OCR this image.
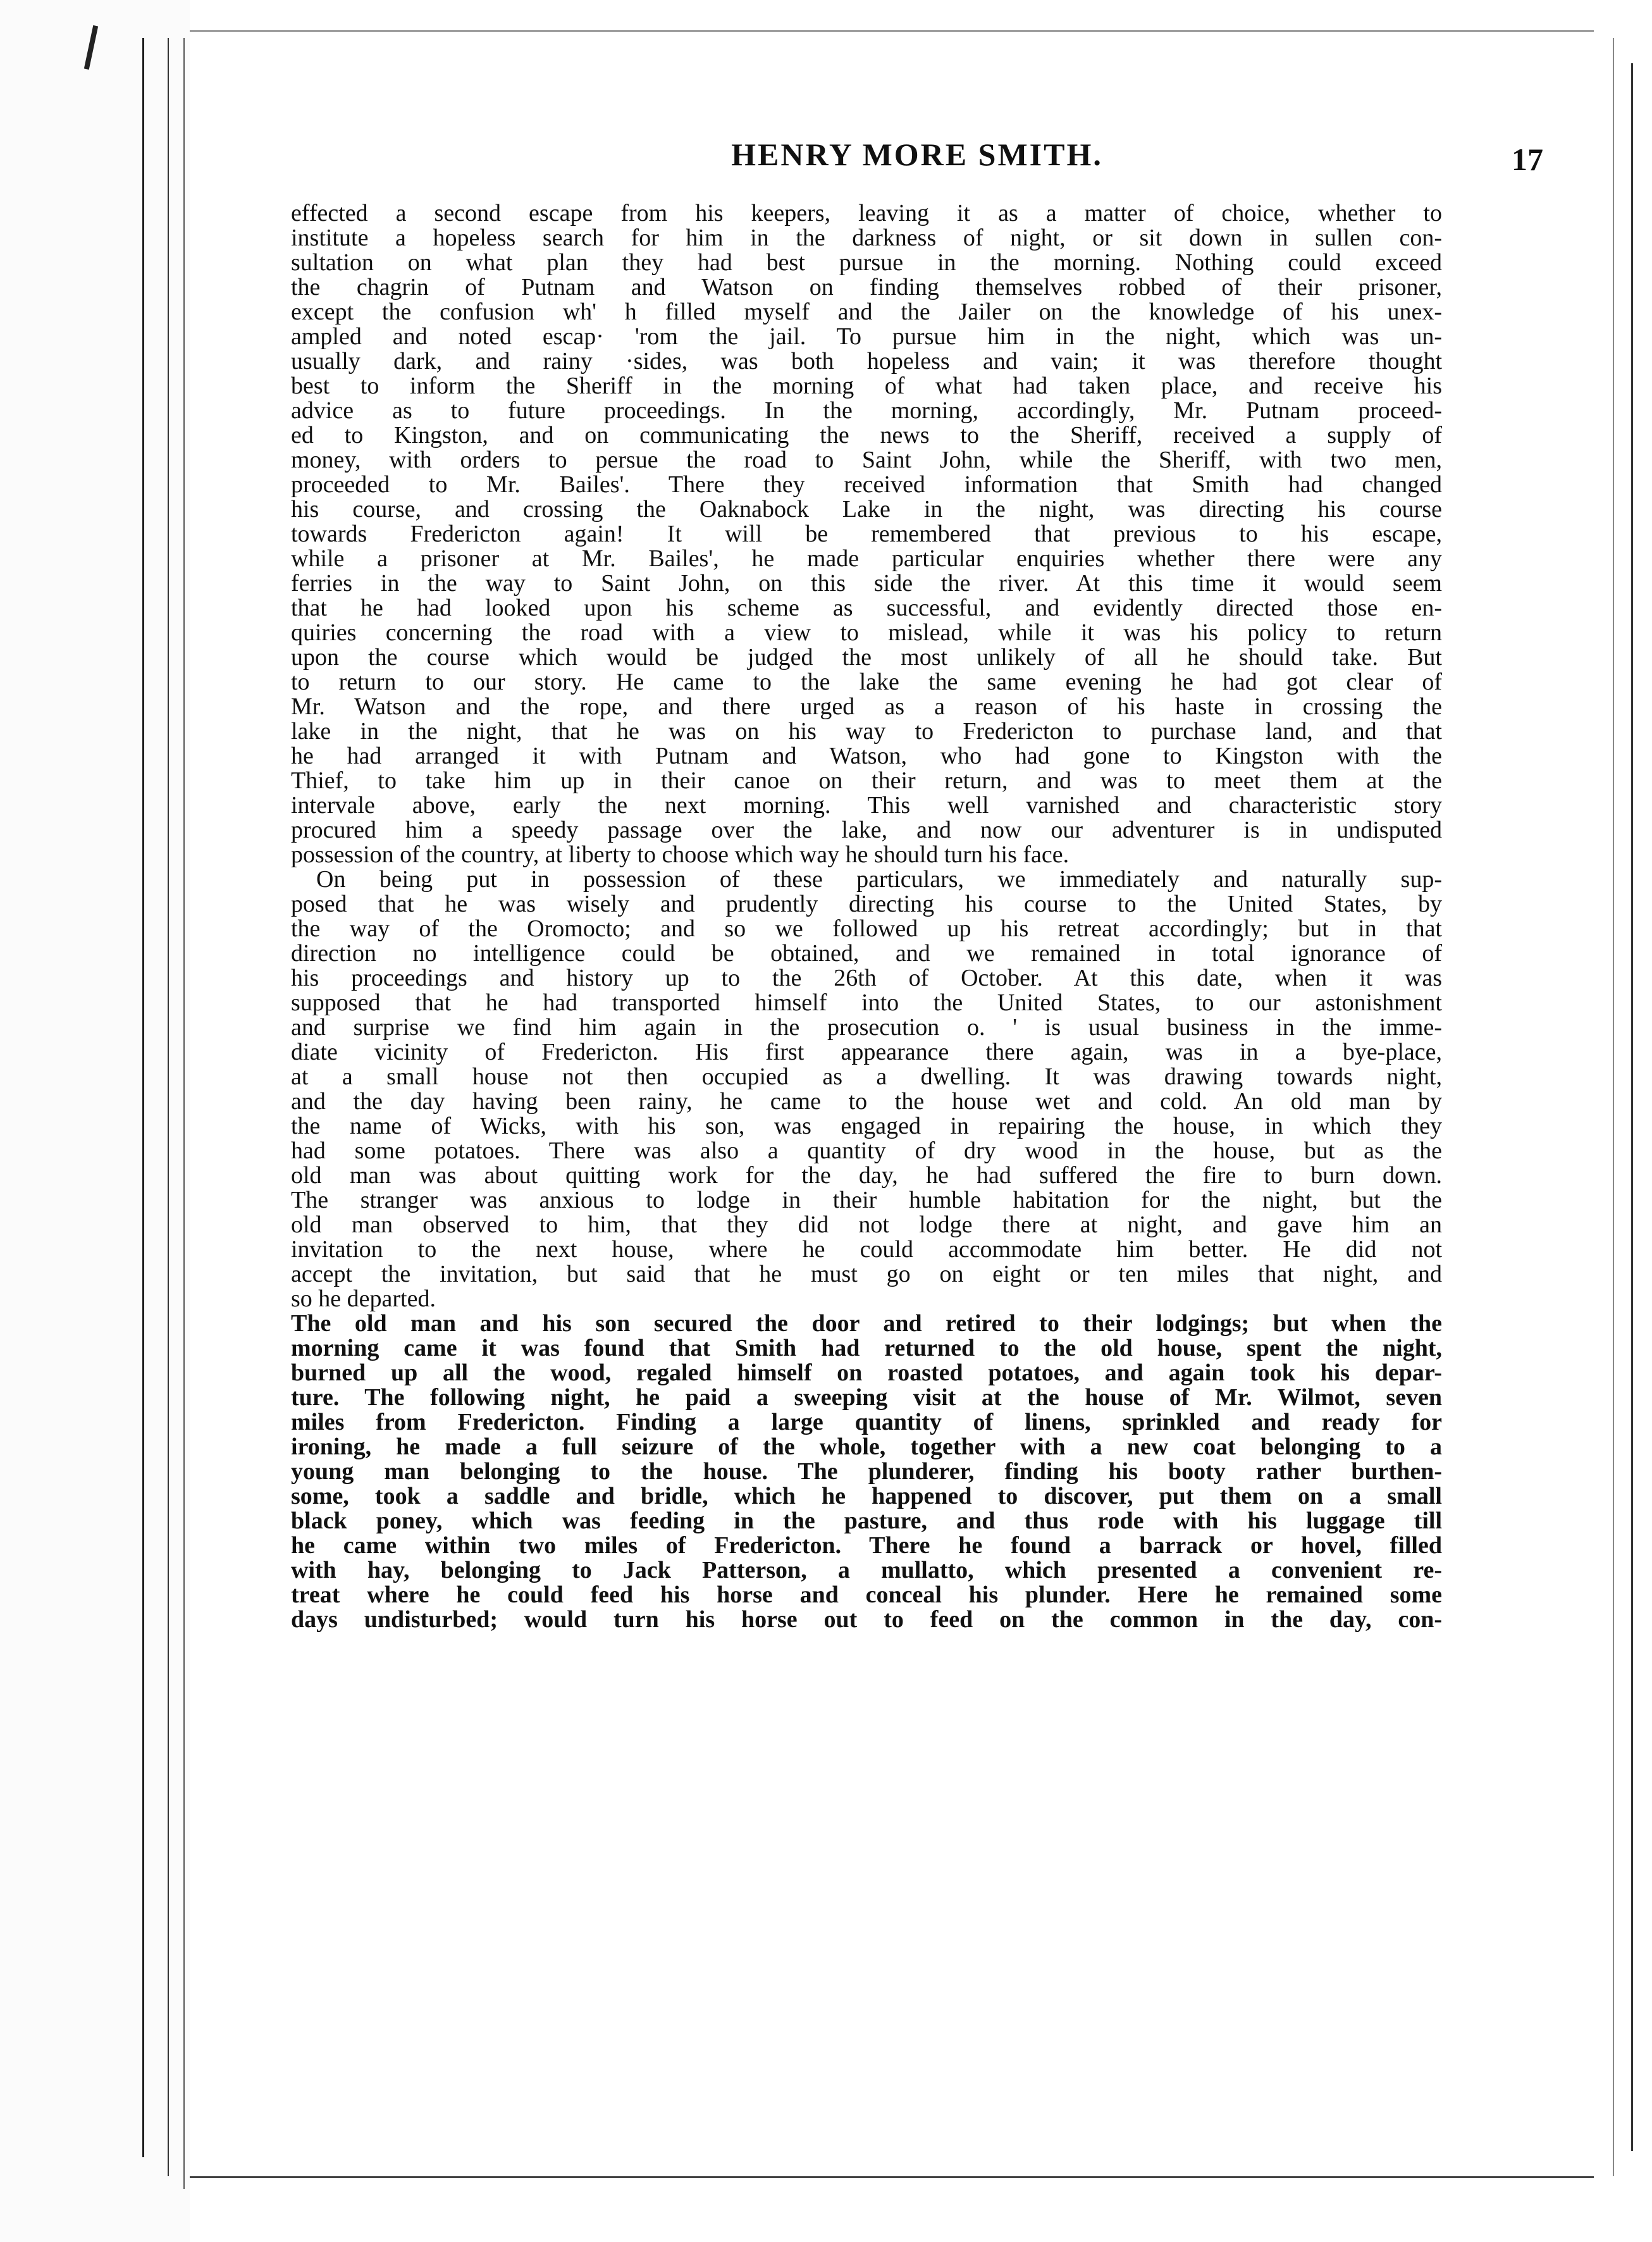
HENRY MORE SMITH.	17
effected a second escape from his keepers, leaving it as a matter of choice, whether to
institute a hopeless search for him in the darkness of night, or sit down in sullen con-
sultation on what plan they had best pursue in the morning. Nothing could exceed
the chagrin of Putnam and Watson on finding themselves robbed of their prisoner,
except the confusion wh' h filled myself and the Jailer on the knowledge of his unex-
ampled and noted escap· 'rom the jail. To pursue him in the night, which was un-
usually dark, and rainy ·sides, was both hopeless and vain; it was therefore thought
best to inform the Sheriff in the morning of what had taken place, and receive his
advice as to future proceedings. In the morning, accordingly, Mr. Putnam proceed-
ed to Kingston, and on communicating the news to the Sheriff, received a supply of
money, with orders to persue the road to Saint John, while the Sheriff, with two men,
proceeded to Mr. Bailes'. There they received information that Smith had changed
his course, and crossing the Oaknabock Lake in the night, was directing his course
towards Fredericton again! It will be remembered that previous to his escape,
while a prisoner at Mr. Bailes', he made particular enquiries whether there were any
ferries in the way to Saint John, on this side the river. At this time it would seem
that he had looked upon his scheme as successful, and evidently directed those en-
quiries concerning the road with a view to mislead, while it was his policy to return
upon the course which would be judged the most unlikely of all he should take. But
to return to our story. He came to the lake the same evening he had got clear of
Mr. Watson and the rope, and there urged as a reason of his haste in crossing the
lake in the night, that he was on his way to Fredericton to purchase land, and that
he had arranged it with Putnam and Watson, who had gone to Kingston with the
Thief, to take him up in their canoe on their return, and was to meet them at the
intervale above, early the next morning. This well varnished and characteristic story
procured him a speedy passage over the lake, and now our adventurer is in undisputed
possession of the country, at liberty to choose which way he should turn his face.
On being put in possession of these particulars, we immediately and naturally sup-
posed that he was wisely and prudently directing his course to the United States, by
the way of the Oromocto; and so we followed up his retreat accordingly; but in that
direction no intelligence could be obtained, and we remained in total ignorance of
his proceedings and history up to the 26th of October. At this date, when it was
supposed that he had transported himself into the United States, to our astonishment
and surprise we find him again in the prosecution o. ' is usual business in the imme-
diate vicinity of Fredericton. His first appearance there again, was in a bye-place,
at a small house not then occupied as a dwelling. It was drawing towards night,
and the day having been rainy, he came to the house wet and cold. An old man by
the name of Wicks, with his son, was engaged in repairing the house, in which they
had some potatoes. There was also a quantity of dry wood in the house, but as the
old man was about quitting work for the day, he had suffered the fire to burn down.
The stranger was anxious to lodge in their humble habitation for the night, but the
old man observed to him, that they did not lodge there at night, and gave him an
invitation to the next house, where he could accommodate him better. He did not
accept the invitation, but said that he must go on eight or ten miles that night, and
so he departed.
The old man and his son secured the door and retired to their lodgings; but when the
morning came it was found that Smith had returned to the old house, spent the night,
burned up all the wood, regaled himself on roasted potatoes, and again took his depar-
ture. The following night, he paid a sweeping visit at the house of Mr. Wilmot, seven
miles from Fredericton. Finding a large quantity of linens, sprinkled and ready for
ironing, he made a full seizure of the whole, together with a new coat belonging to a
young man belonging to the house. The plunderer, finding his booty rather burthen-
some, took a saddle and bridle, which he happened to discover, put them on a small
black poney, which was feeding in the pasture, and thus rode with his luggage till
he came within two miles of Fredericton. There he found a barrack or hovel, filled
with hay, belonging to Jack Patterson, a mullatto, which presented a convenient re-
treat where he could feed his horse and conceal his plunder. Here he remained some
days undisturbed; would turn his horse out to feed on the common in the day, con-
